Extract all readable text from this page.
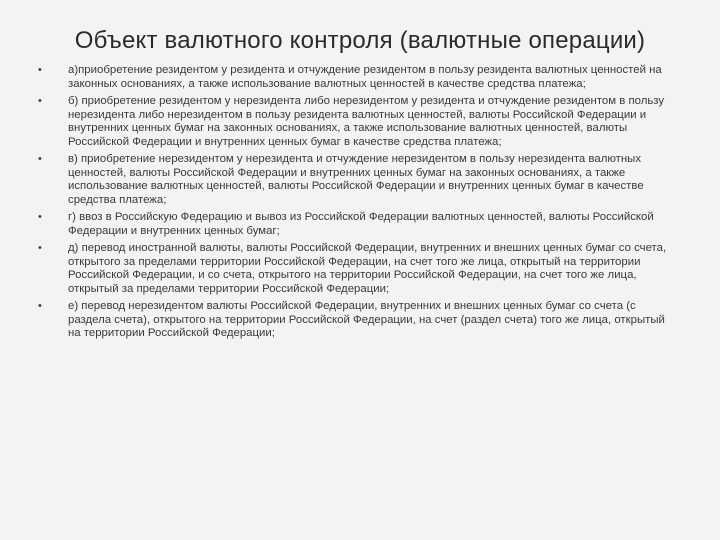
Объект валютного контроля (валютные операции)
•	а)приобретение резидентом у резидента и отчуждение резидентом в пользу резидента валютных ценностей на законных основаниях, а также использование валютных ценностей в качестве средства платежа;
•	б) приобретение резидентом у нерезидента либо нерезидентом у резидента и отчуждение резидентом в пользу нерезидента либо нерезидентом в пользу резидента валютных ценностей, валюты Российской Федерации и внутренних ценных бумаг на законных основаниях, а также использование валютных ценностей, валюты Российской Федерации и внутренних ценных бумаг в качестве средства платежа;
•	в) приобретение нерезидентом у нерезидента и отчуждение нерезидентом в пользу нерезидента валютных ценностей, валюты Российской Федерации и внутренних ценных бумаг на законных основаниях, а также использование валютных ценностей, валюты Российской Федерации и внутренних ценных бумаг в качестве средства платежа;
•	г) ввоз в Российскую Федерацию и вывоз из Российской Федерации валютных ценностей, валюты Российской Федерации и внутренних ценных бумаг;
•	д) перевод иностранной валюты, валюты Российской Федерации, внутренних и внешних ценных бумаг со счета, открытого за пределами территории Российской Федерации, на счет того же лица, открытый на территории Российской Федерации, и со счета, открытого на территории Российской Федерации, на счет того же лица, открытый за пределами территории Российской Федерации;
•	е) перевод нерезидентом валюты Российской Федерации, внутренних и внешних ценных бумаг со счета (с раздела счета), открытого на территории Российской Федерации, на счет (раздел счета) того же лица, открытый на территории Российской Федерации;
